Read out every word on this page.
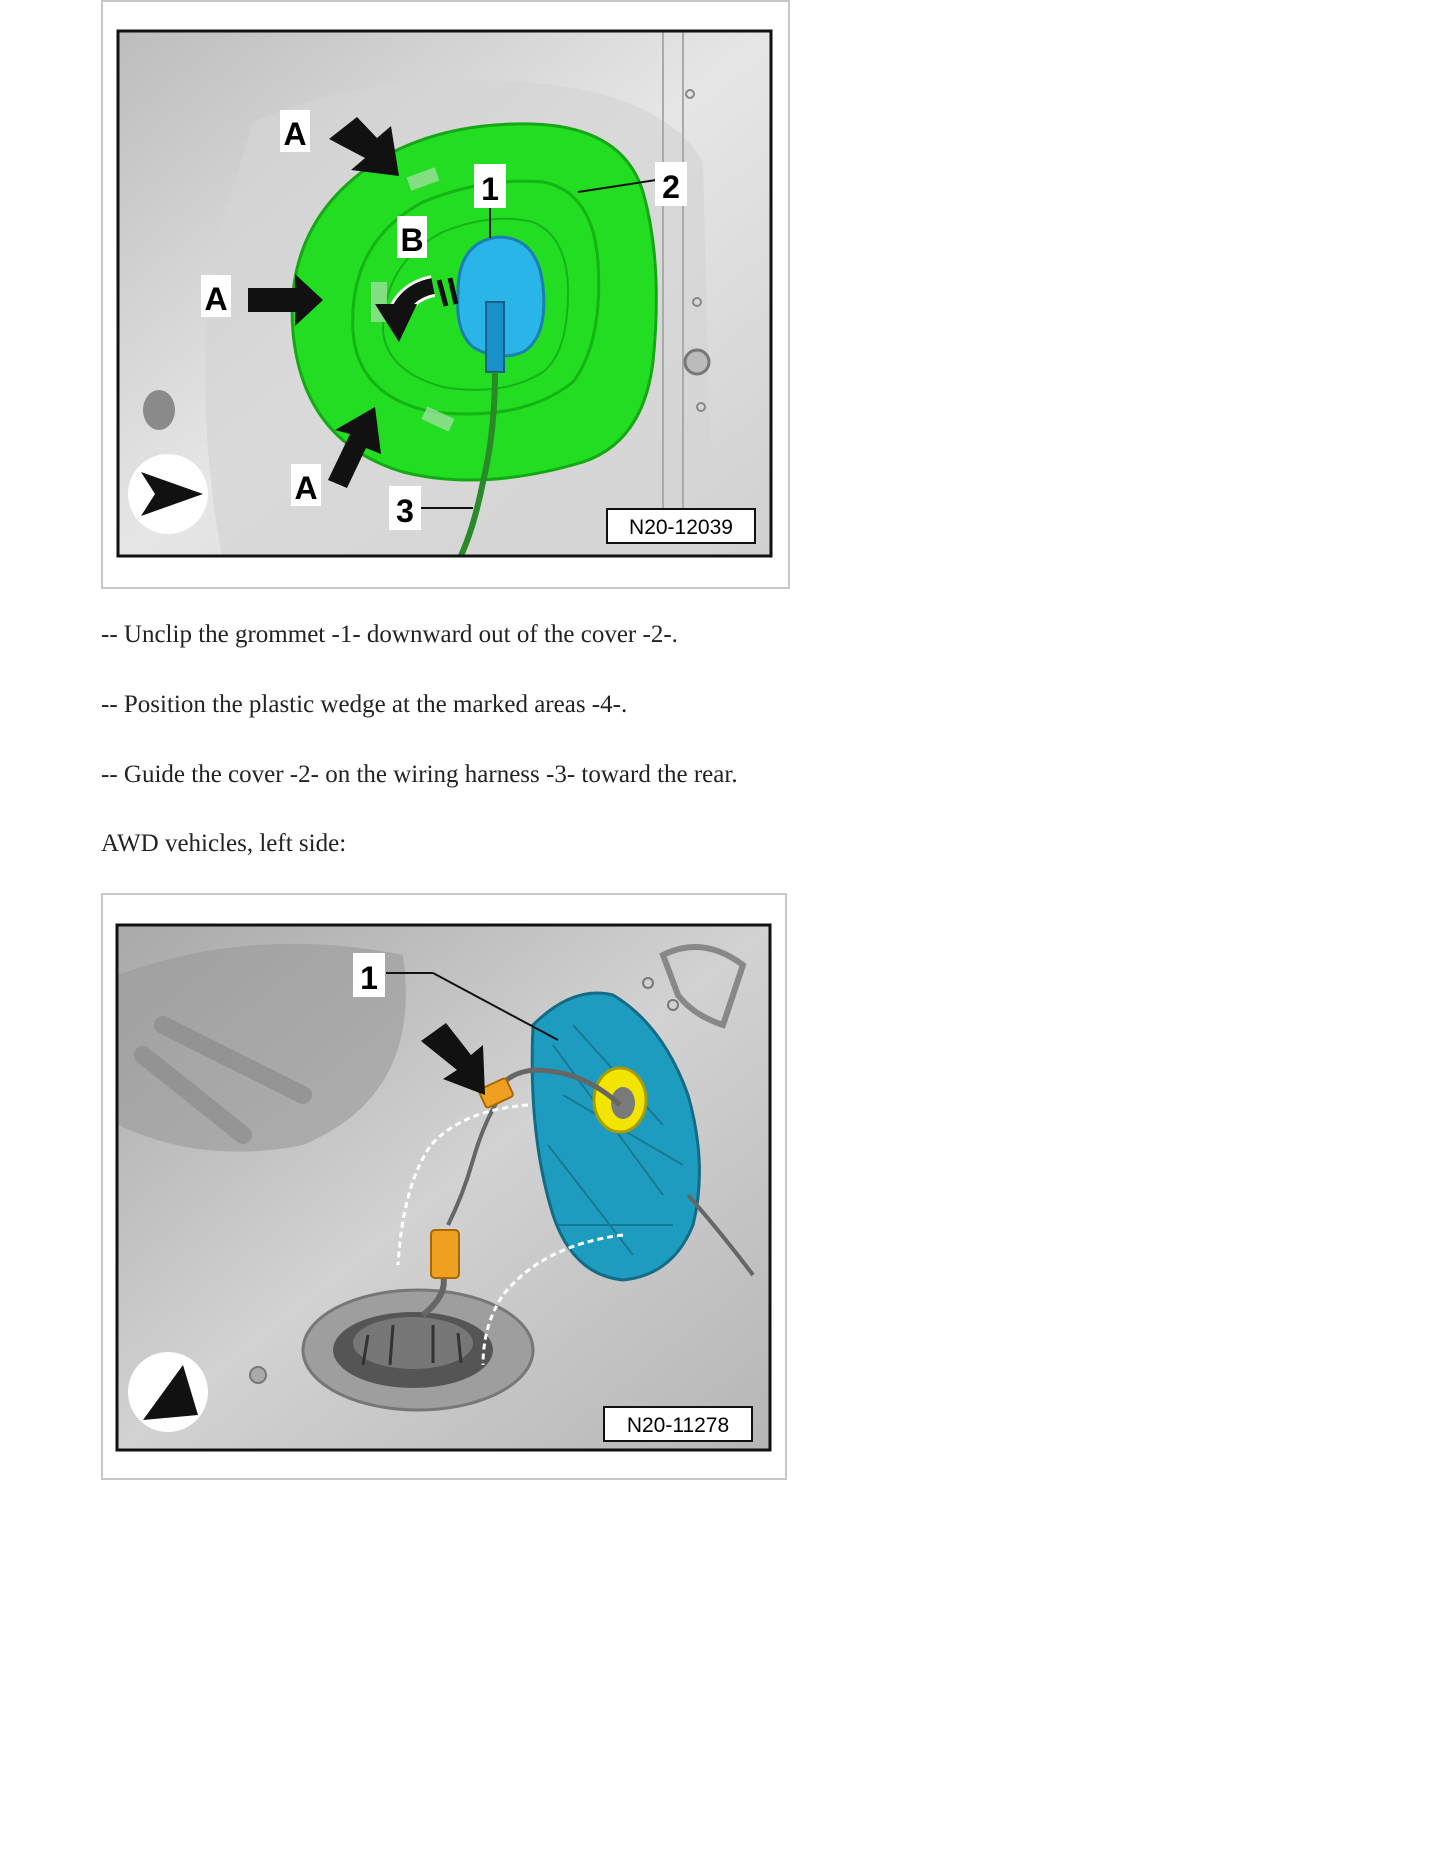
A
A
A
B
1	2
3	N20-12039
-- Unclip the grommet -1- downward out of the cover -2-.
-- Position the plastic wedge at the marked areas -4-.
-- Guide the cover -2- on the wiring harness -3- toward the rear.
AWD vehicles, left side:
1
N20-11278
